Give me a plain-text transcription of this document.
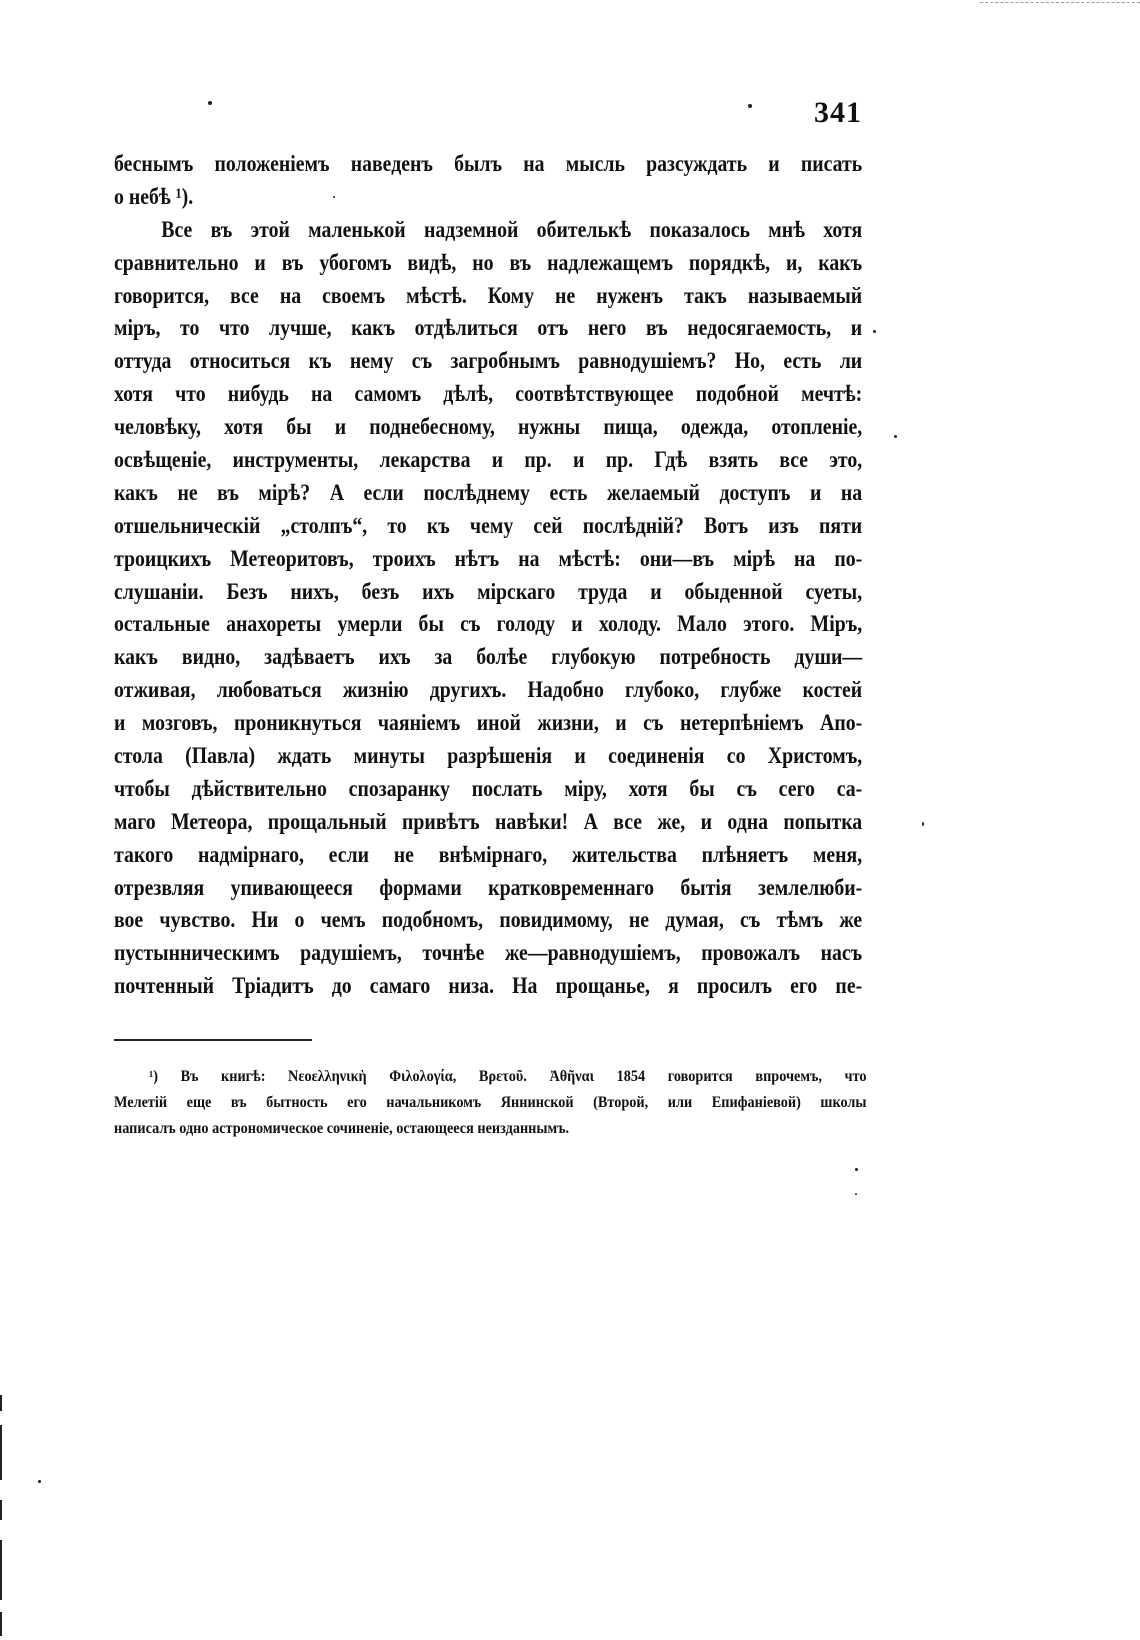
341
беснымъ положеніемъ наведенъ былъ на мысль разсуждать и писать
о небѣ ¹).
Все въ этой маленькой надземной обителькѣ показалось мнѣ хотя
сравнительно и въ убогомъ видѣ, но въ надлежащемъ порядкѣ, и, какъ
говорится, все на своемъ мѣстѣ. Кому не нуженъ такъ называемый
міръ, то что лучше, какъ отдѣлиться отъ него въ недосягаемость, и
оттуда относиться къ нему съ загробнымъ равнодушіемъ? Но, есть ли
хотя что нибудь на самомъ дѣлѣ, соотвѣтствующее подобной мечтѣ:
человѣку, хотя бы и поднебесному, нужны пища, одежда, отопленіе,
освѣщеніе, инструменты, лекарства и пр. и пр. Гдѣ взять все это,
какъ не въ мірѣ? А если послѣднему есть желаемый доступъ и на
отшельническій „столпъ“, то къ чему сей послѣдній? Вотъ изъ пяти
троицкихъ Метеоритовъ, троихъ нѣтъ на мѣстѣ: они—въ мірѣ на по-
слушаніи. Безъ нихъ, безъ ихъ мірскаго труда и обыденной суеты,
остальные анахореты умерли бы съ голоду и холоду. Мало этого. Міръ,
какъ видно, задѣваетъ ихъ за болѣе глубокую потребность души—
отживая, любоваться жизнію другихъ. Надобно глубоко, глубже костей
и мозговъ, проникнуться чаяніемъ иной жизни, и съ нетерпѣніемъ Апо-
стола (Павла) ждать минуты разрѣшенія и соединенія со Христомъ,
чтобы дѣйствительно спозаранку послать міру, хотя бы съ сего са-
маго Метеора, прощальный привѣтъ навѣки! А все же, и одна попытка
такого надмірнаго, если не внѣмірнаго, жительства плѣняетъ меня,
отрезвляя упивающееся формами кратковременнаго бытія землелюби-
вое чувство. Ни о чемъ подобномъ, повидимому, не думая, съ тѣмъ же
пустынническимъ радушіемъ, точнѣе же—равнодушіемъ, провожалъ насъ
почтенный Тріадитъ до самаго низа. На прощанье, я просилъ его пе-
¹) Въ книгѣ: Νεοελληνικὴ Φιλολογία, Βρετοῦ. Ἀθῆναι 1854 говорится впрочемъ, что
Мелетій еще въ бытность его начальникомъ Яннинской (Второй, или Епифаніевой) школы
написалъ одно астрономическое сочиненіе, остающееся неизданнымъ.
